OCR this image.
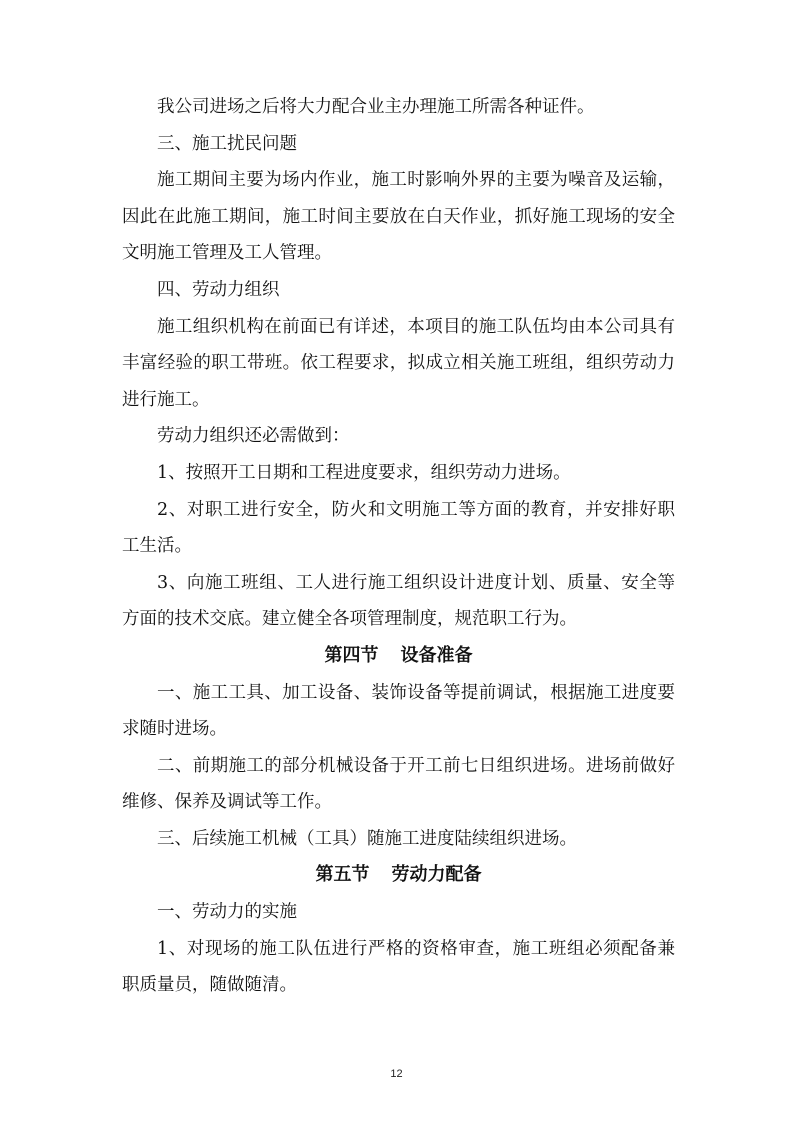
我公司进场之后将大力配合业主办理施工所需各种证件。

三、施工扰民问题

施工期间主要为场内作业，施工时影响外界的主要为噪音及运输，因此在此施工期间，施工时间主要放在白天作业，抓好施工现场的安全文明施工管理及工人管理。

四、劳动力组织

施工组织机构在前面已有详述，本项目的施工队伍均由本公司具有丰富经验的职工带班。依工程要求，拟成立相关施工班组，组织劳动力进行施工。

劳动力组织还必需做到：

1、按照开工日期和工程进度要求，组织劳动力进场。

2、对职工进行安全，防火和文明施工等方面的教育，并安排好职工生活。

3、向施工班组、工人进行施工组织设计进度计划、质量、安全等方面的技术交底。建立健全各项管理制度，规范职工行为。

第四节 设备准备

一、施工工具、加工设备、装饰设备等提前调试，根据施工进度要求随时进场。

二、前期施工的部分机械设备于开工前七日组织进场。进场前做好维修、保养及调试等工作。

三、后续施工机械（工具）随施工进度陆续组织进场。

第五节 劳动力配备

一、劳动力的实施

1、对现场的施工队伍进行严格的资格审查，施工班组必须配备兼职质量员，随做随清。

12
